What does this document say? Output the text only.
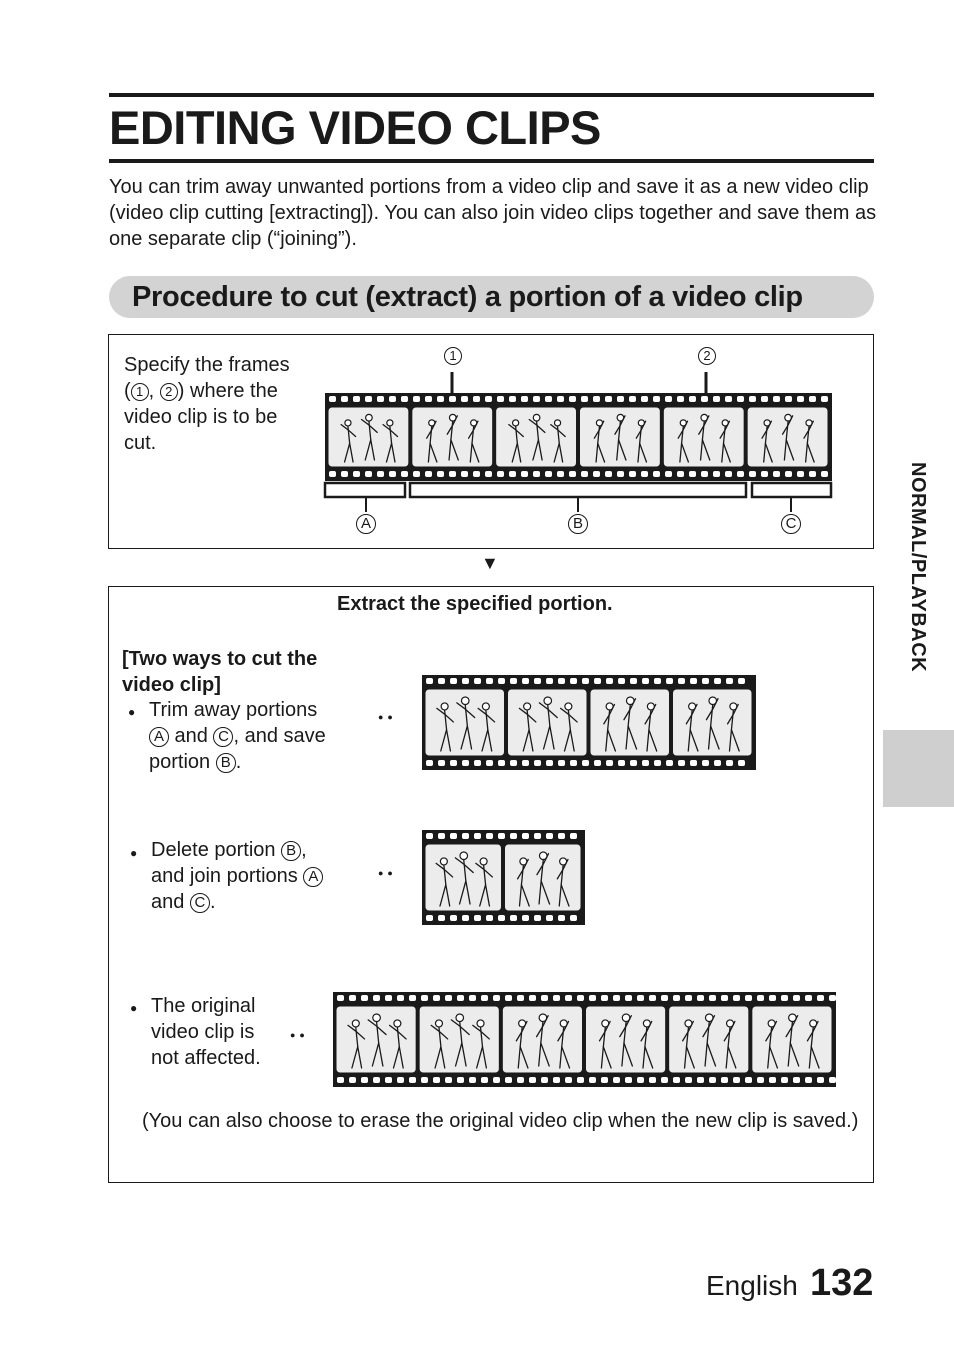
EDITING VIDEO CLIPS
You can trim away unwanted portions from a video clip and save it as a new video clip (video clip cutting [extracting]). You can also join video clips together and save them as one separate clip (“joining”).
Procedure to cut (extract) a portion of a video clip
Specify the frames
( 1 , 2 ) where the
video clip is to be
cut.
1	2
A	B	C
▼
Extract the specified portion.
[Two ways to cut the
video clip]
● Trim away portions
A and C , and save
portion B .
●●
● Delete portion B ,
and join portions A
and C .
●●
● The original
video clip is
not affected.
●●
(You can also choose to erase the original video clip when the new clip is saved.)
NORMAL/PLAYBACK
English 132
